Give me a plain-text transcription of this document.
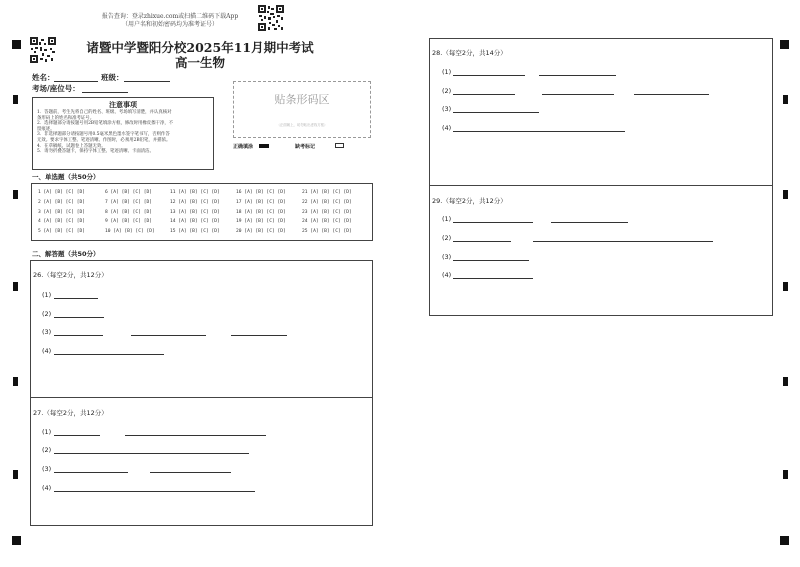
报告查询：登录zhixue.com或扫描二维码下载App
（用户名和初始密码均为准考证号）
诸暨中学暨阳分校2025年11月期中考试
高一生物
姓名：	班级：
考场/座位号：
注意事项
1．答题前，考生先将自己的姓名、班级、考场填写清楚，并认真核对
条形码上的姓名和准考证号。
2．选择题部分请按题号用2B铅笔填涂方框，修改时用橡皮擦干净，不
留痕迹。
3．非选择题部分请按题号用0.5毫米黑色墨水签字笔书写，否则作答
无效。要求字体工整、笔迹清晰。作图时，必须用2B铅笔，并描浓。
4．在草稿纸、试题卷上答题无效。
5．请勿折叠答题卡，保持字体工整、笔迹清晰、卡面清洁。
贴条形码区
（正面朝上，切勿贴出虚线方框）
正确填涂	缺考标记
一、单选题（共50分）
二、解答题（共50分）
1 [A] [B] [C] [D]
2 [A] [B] [C] [D]
3 [A] [B] [C] [D]
4 [A] [B] [C] [D]
5 [A] [B] [C] [D]
6 [A] [B] [C] [D]
7 [A] [B] [C] [D]
8 [A] [B] [C] [D]
9 [A] [B] [C] [D]
10 [A] [B] [C] [D]
11 [A] [B] [C] [D]
12 [A] [B] [C] [D]
13 [A] [B] [C] [D]
14 [A] [B] [C] [D]
15 [A] [B] [C] [D]
16 [A] [B] [C] [D]
17 [A] [B] [C] [D]
18 [A] [B] [C] [D]
19 [A] [B] [C] [D]
20 [A] [B] [C] [D]
21 [A] [B] [C] [D]
22 [A] [B] [C] [D]
23 [A] [B] [C] [D]
24 [A] [B] [C] [D]
25 [A] [B] [C] [D]
26.（每空2分，共12分）
(1)
(2)
(3)
(4)
27.（每空2分，共12分）
(1)
(2)
(3)
(4)
28.（每空2分，共14分）
(1)
(2)
(3)
(4)
29.（每空2分，共12分）
(1)
(2)
(3)
(4)
